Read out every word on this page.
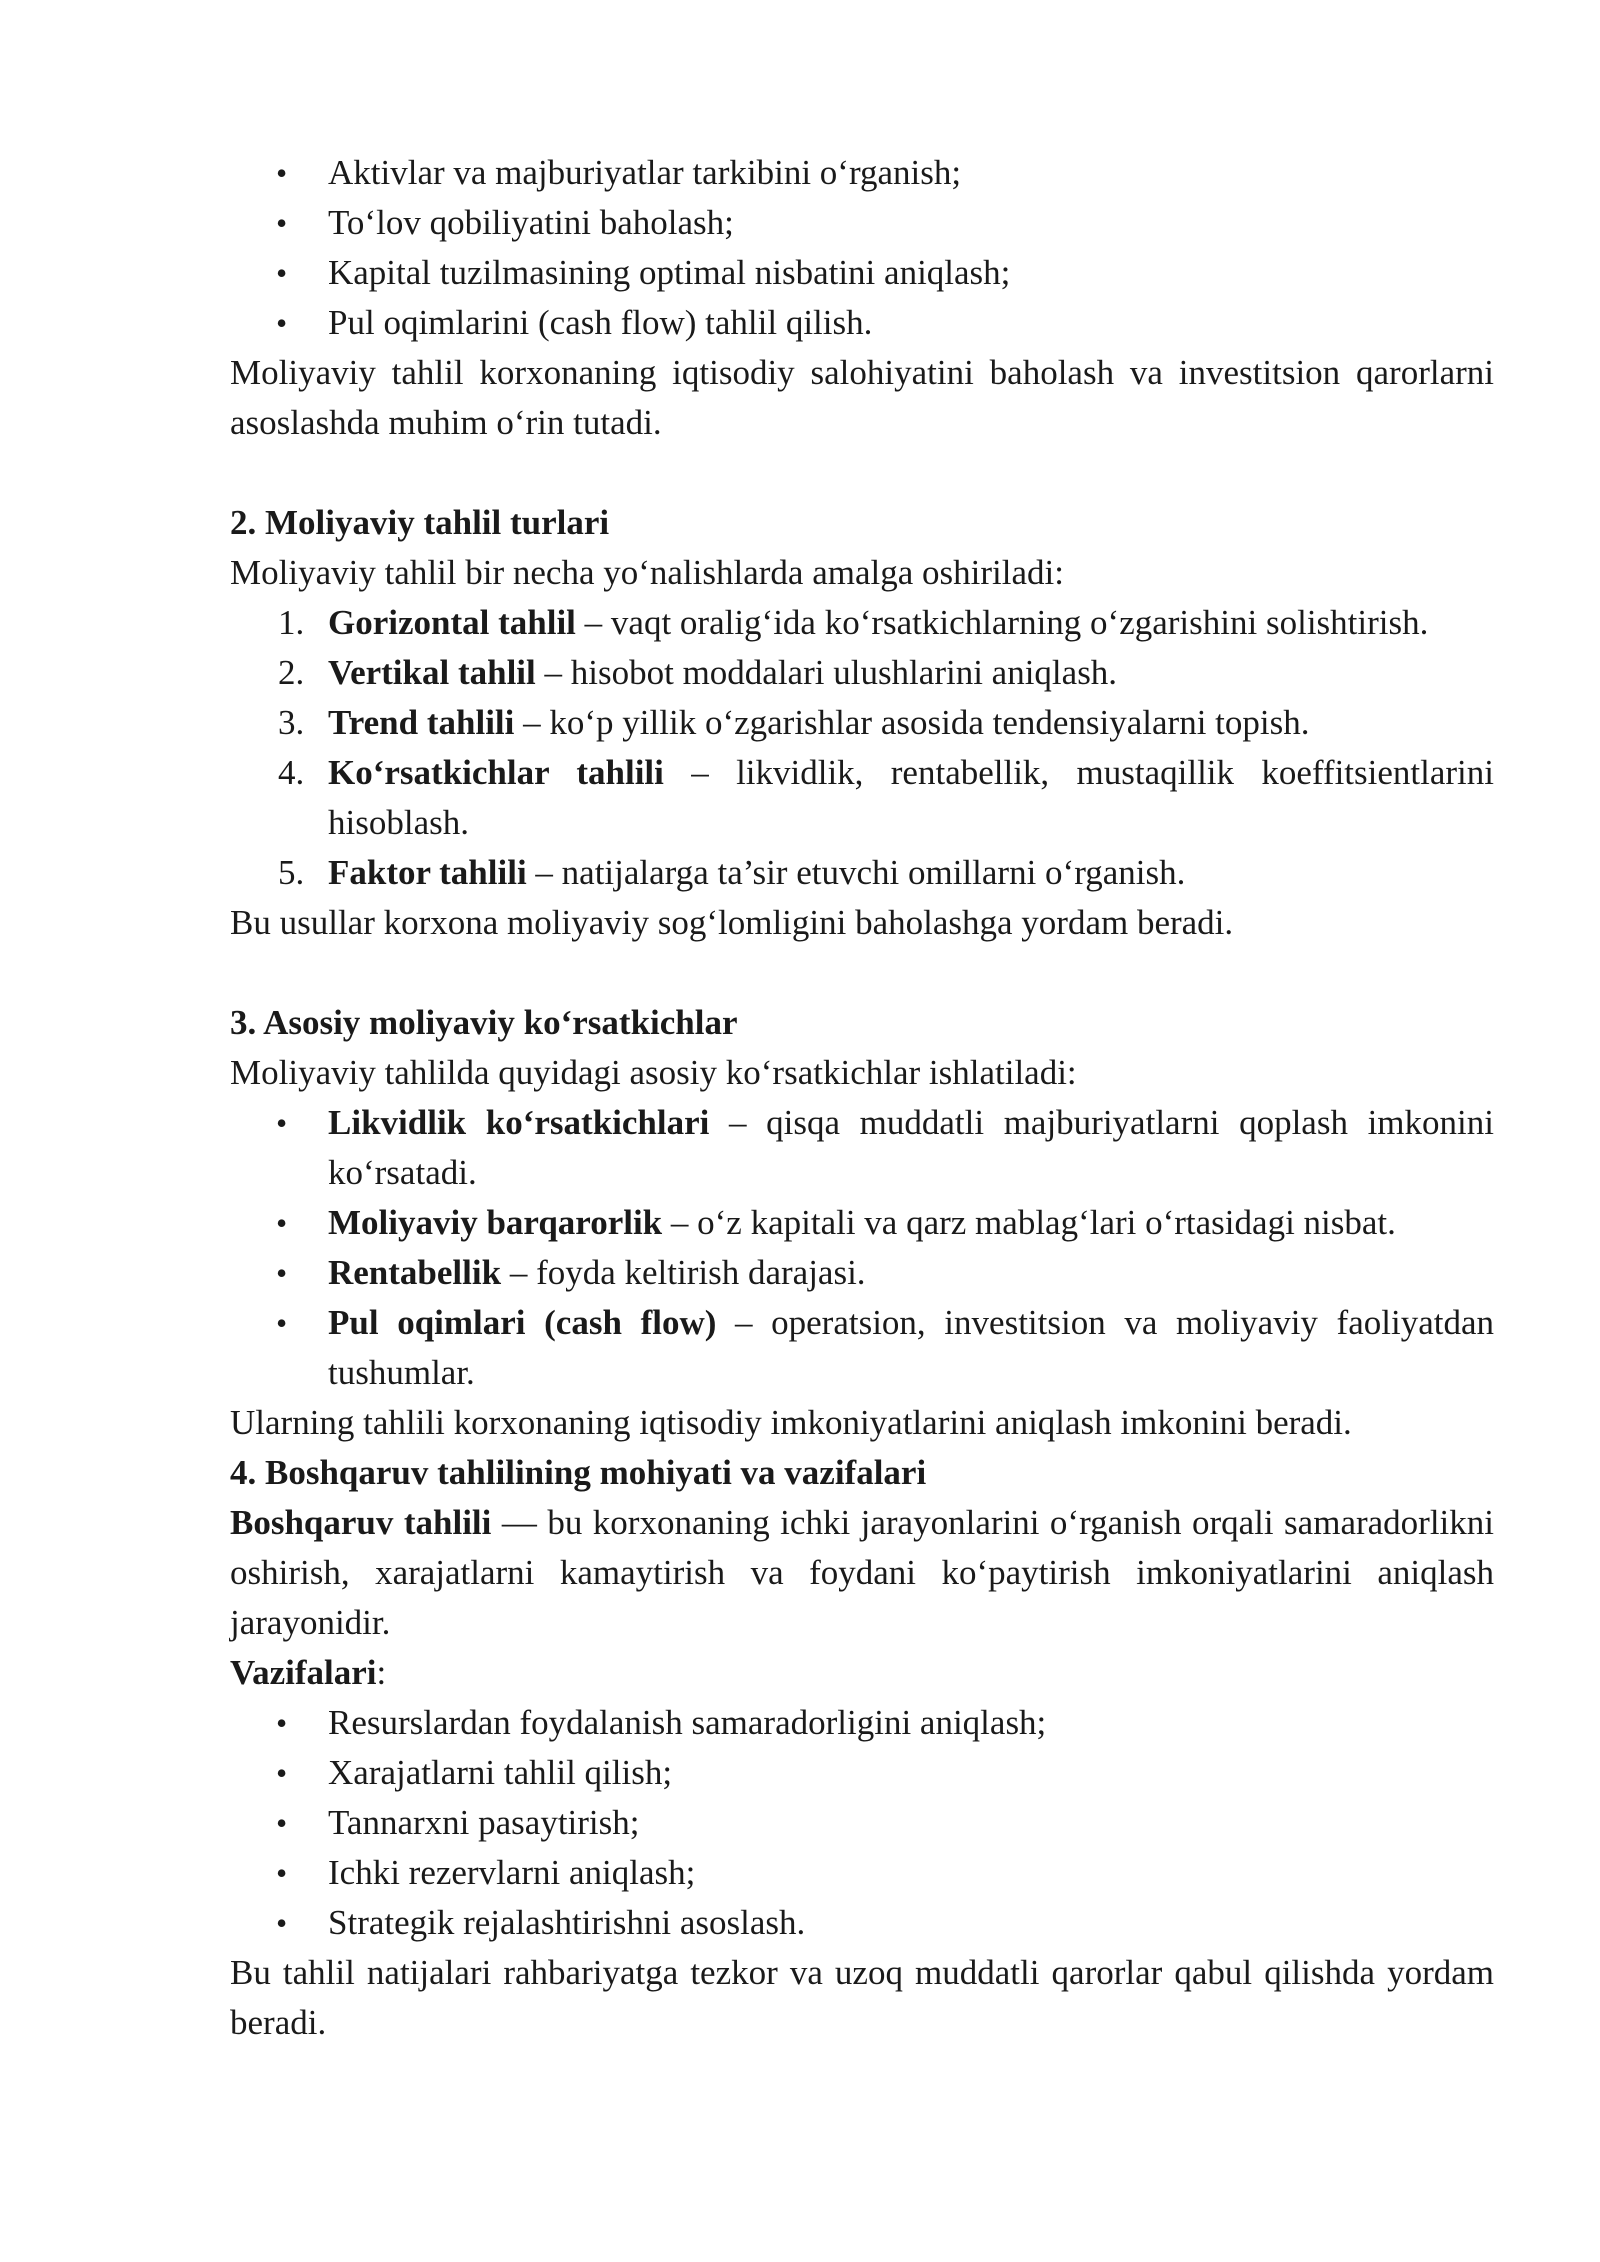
• Aktivlar va majburiyatlar tarkibini o‘rganish;
• To‘lov qobiliyatini baholash;
• Kapital tuzilmasining optimal nisbatini aniqlash;
• Pul oqimlarini (cash flow) tahlil qilish.

Moliyaviy tahlil korxonaning iqtisodiy salohiyatini baholash va investitsion qarorlarni asoslashda muhim o‘rin tutadi.

2. Moliyaviy tahlil turlari

Moliyaviy tahlil bir necha yo‘nalishlarda amalga oshiriladi:

1. Gorizontal tahlil – vaqt oralig‘ida ko‘rsatkichlarning o‘zgarishini solishtirish.
2. Vertikal tahlil – hisobot moddalari ulushlarini aniqlash.
3. Trend tahlili – ko‘p yillik o‘zgarishlar asosida tendensiyalarni topish.
4. Ko‘rsatkichlar tahlili – likvidlik, rentabellik, mustaqillik koeffitsientlarini hisoblash.
5. Faktor tahlili – natijalarga ta’sir etuvchi omillarni o‘rganish.

Bu usullar korxona moliyaviy sog‘lomligini baholashga yordam beradi.

3. Asosiy moliyaviy ko‘rsatkichlar

Moliyaviy tahlilda quyidagi asosiy ko‘rsatkichlar ishlatiladi:

• Likvidlik ko‘rsatkichlari – qisqa muddatli majburiyatlarni qoplash imkonini ko‘rsatadi.
• Moliyaviy barqarorlik – o‘z kapitali va qarz mablag‘lari o‘rtasidagi nisbat.
• Rentabellik – foyda keltirish darajasi.
• Pul oqimlari (cash flow) – operatsion, investitsion va moliyaviy faoliyatdan tushumlar.

Ularning tahlili korxonaning iqtisodiy imkoniyatlarini aniqlash imkonini beradi.

4. Boshqaruv tahlilining mohiyati va vazifalari

Boshqaruv tahlili — bu korxonaning ichki jarayonlarini o‘rganish orqali samaradorlikni oshirish, xarajatlarni kamaytirish va foydani ko‘paytirish imkoniyatlarini aniqlash jarayonidir.

Vazifalari:

• Resurslardan foydalanish samaradorligini aniqlash;
• Xarajatlarni tahlil qilish;
• Tannarxni pasaytirish;
• Ichki rezervlarni aniqlash;
• Strategik rejalashtirishni asoslash.

Bu tahlil natijalari rahbariyatga tezkor va uzoq muddatli qarorlar qabul qilishda yordam beradi.
